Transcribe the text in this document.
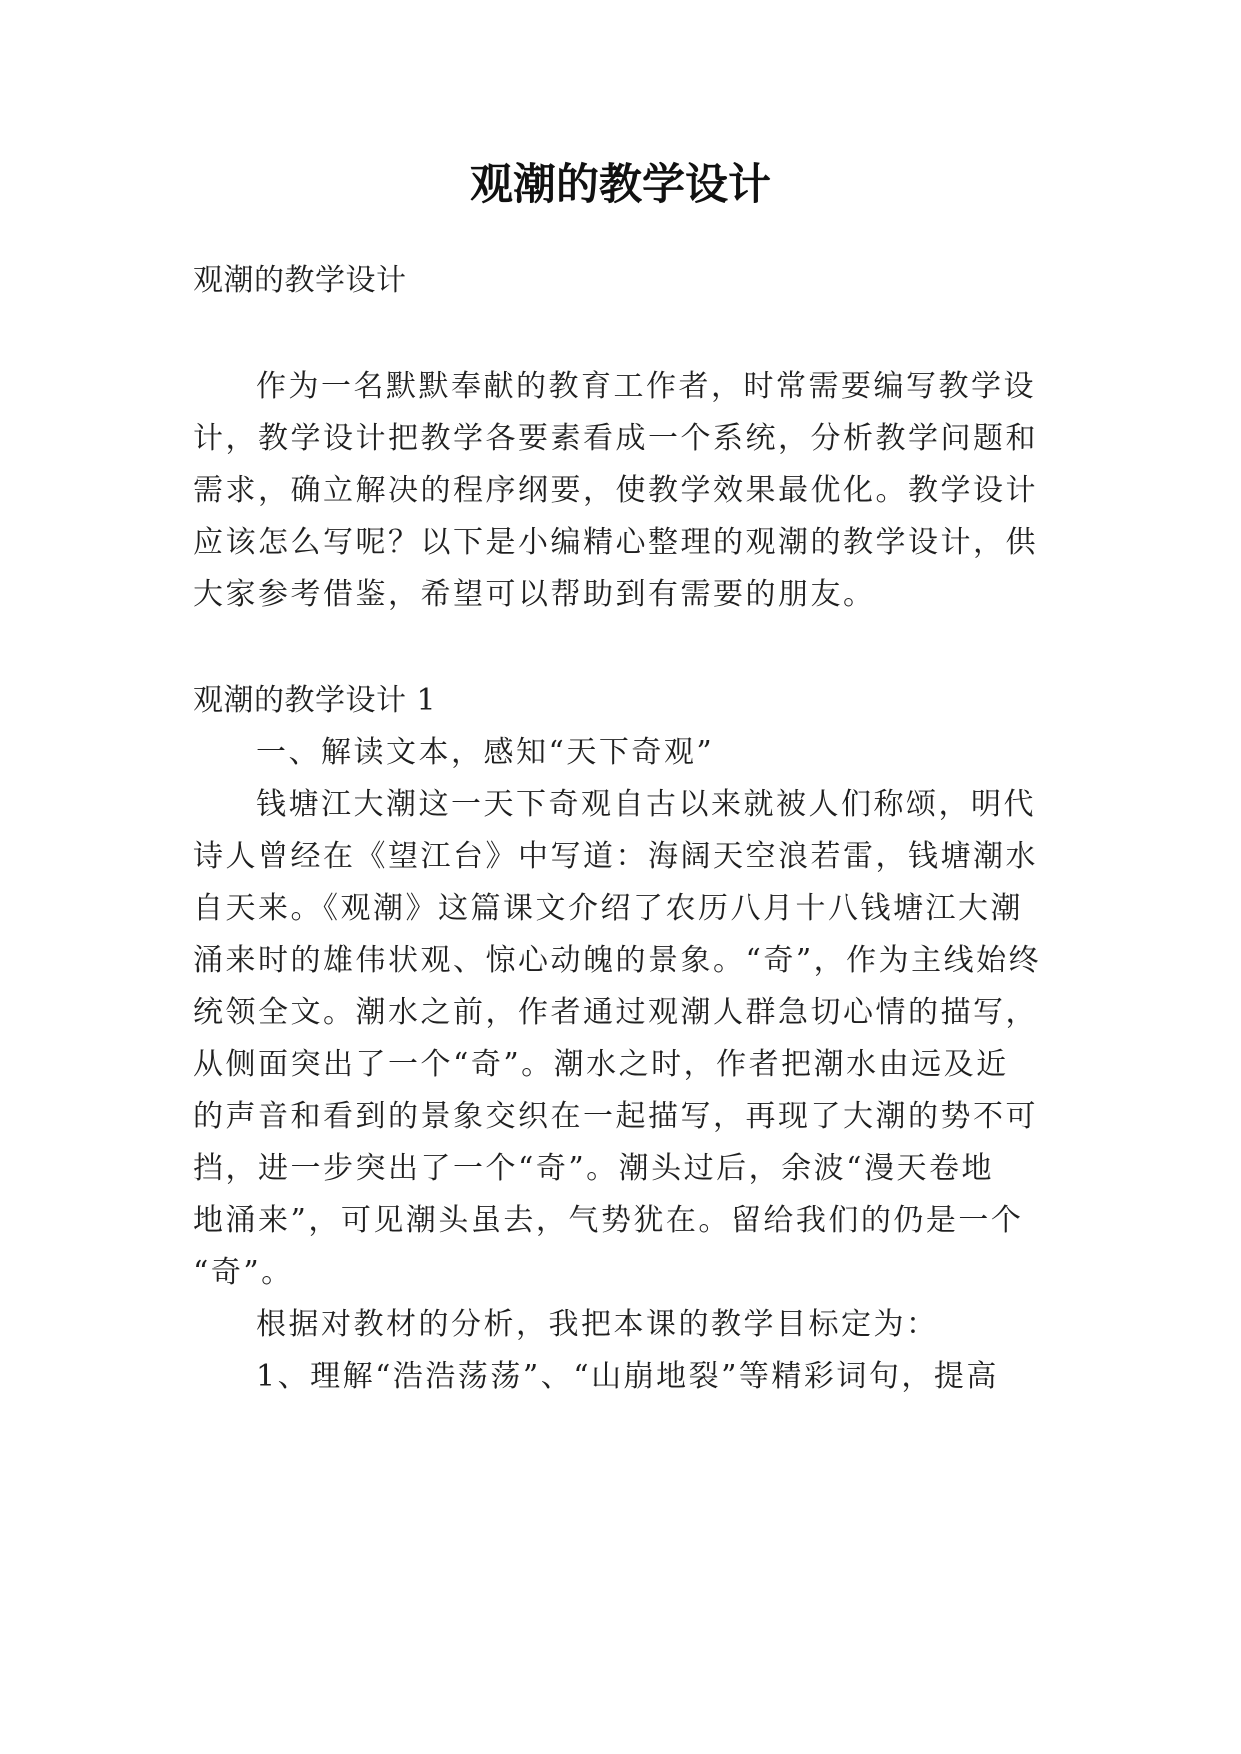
观潮的教学设计

观潮的教学设计

作为一名默默奉献的教育工作者，时常需要编写教学设

计，教学设计把教学各要素看成一个系统，分析教学问题和

需求，确立解决的程序纲要，使教学效果最优化。教学设计

应该怎么写呢？以下是小编精心整理的观潮的教学设计，供

大家参考借鉴，希望可以帮助到有需要的朋友。

观潮的教学设计 1

一、解读文本，感知“天下奇观”

钱塘江大潮这一天下奇观自古以来就被人们称颂，明代

诗人曾经在《望江台》中写道：海阔天空浪若雷，钱塘潮水

自天来。《观潮》这篇课文介绍了农历八月十八钱塘江大潮

涌来时的雄伟状观、惊心动魄的景象。“奇”，作为主线始终

统领全文。潮水之前，作者通过观潮人群急切心情的描写，

从侧面突出了一个“奇”。潮水之时，作者把潮水由远及近

的声音和看到的景象交织在一起描写，再现了大潮的势不可

挡，进一步突出了一个“奇”。潮头过后，余波“漫天卷地

地涌来”，可见潮头虽去，气势犹在。留给我们的仍是一个

“奇”。

根据对教材的分析，我把本课的教学目标定为：

1、理解“浩浩荡荡”、“山崩地裂”等精彩词句，提高
